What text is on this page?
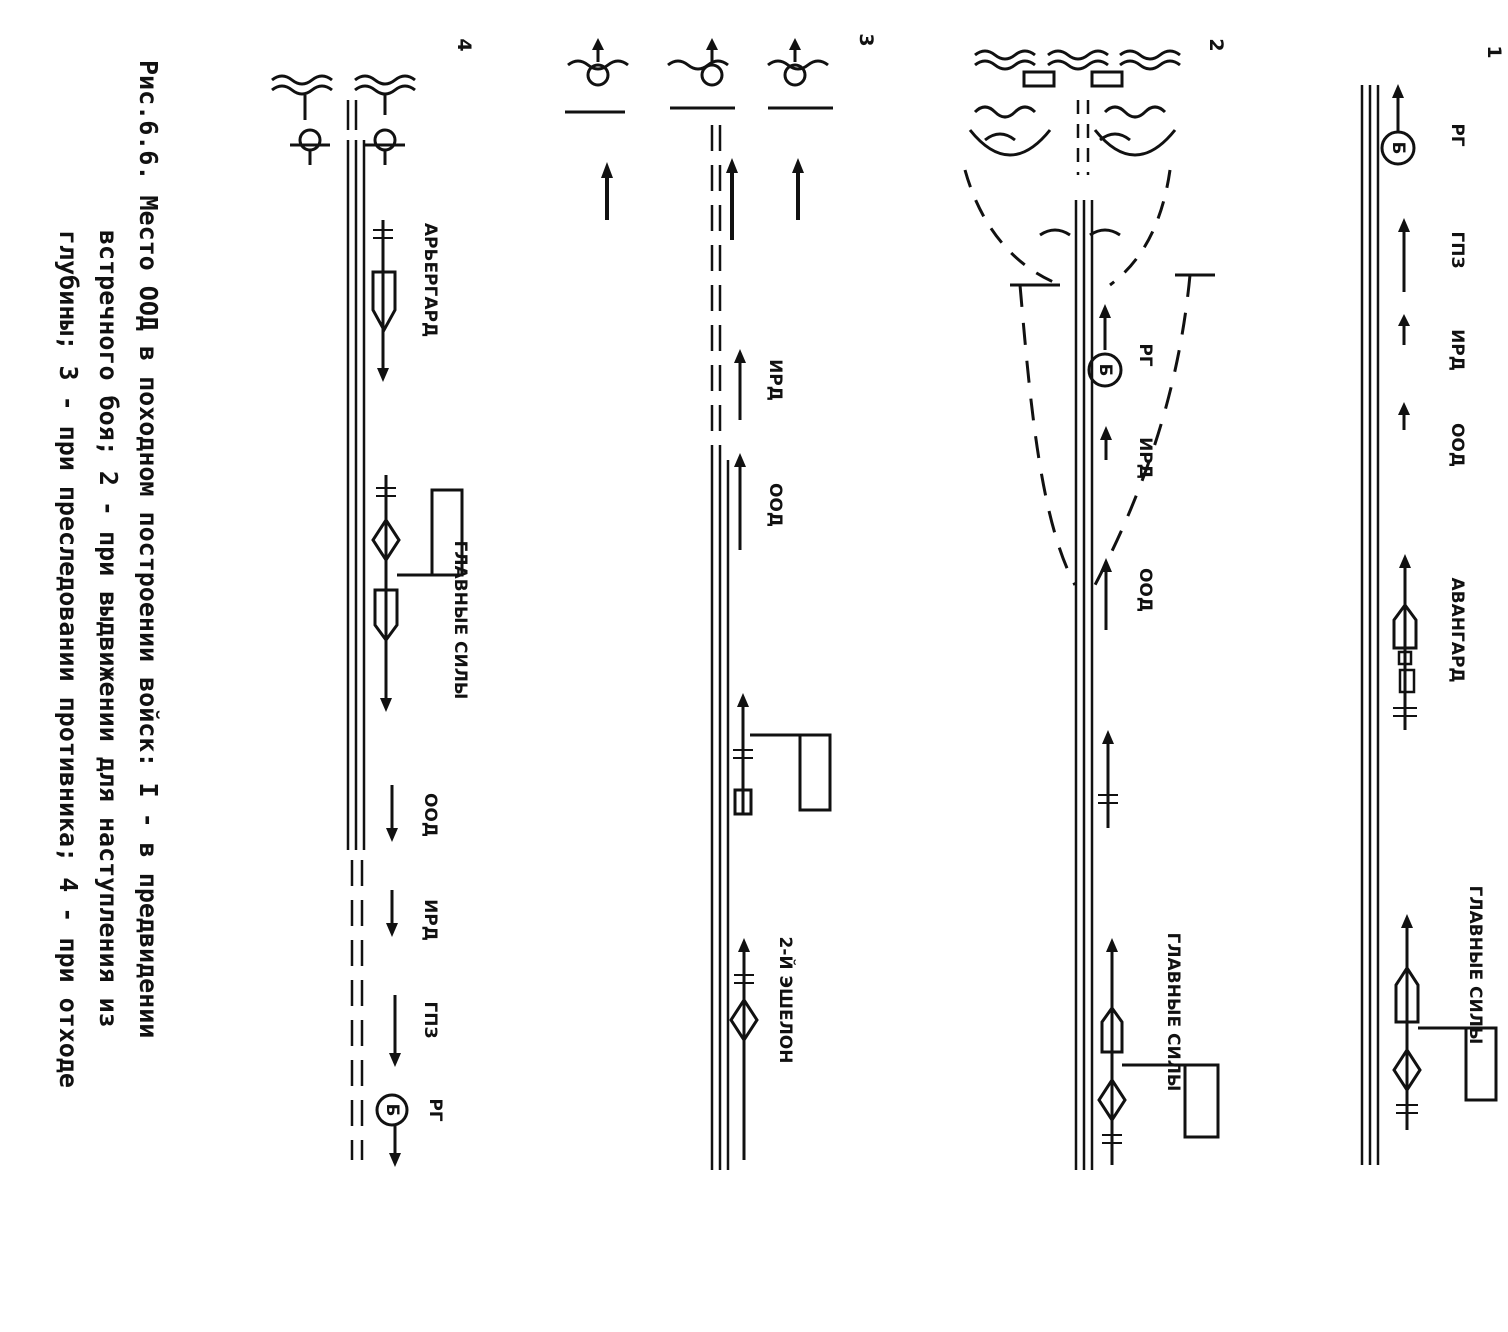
1
Б
РГ
ГПЗ
ИРД
ООД
АВАНГАРД
ГЛАВНЫЕ СИЛЫ
2
Б
РГ
ИРД
ООД
ГЛАВНЫЕ СИЛЫ
3
ИРД
ООД
2-Й ЭШЕЛОН
4
АРЬЕРГАРД
ГЛАВНЫЕ СИЛЫ
ООД
ИРД
ГПЗ
Б РГ
Рис.6.6. Место ООД в походном построении войск: I - в предвидении
встречного боя; 2 - при выдвижении для наступления из
глубины; 3 - при преследовании противника; 4 - при отходе
